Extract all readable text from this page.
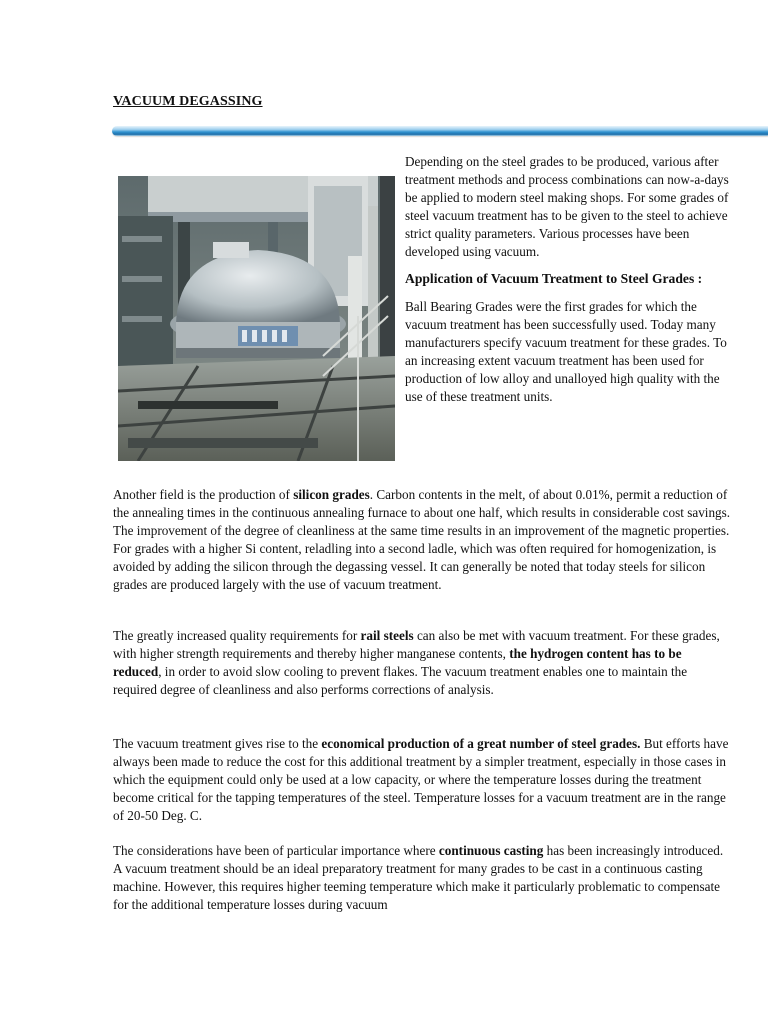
VACUUM DEGASSING

Depending on the steel grades to be produced, various after treatment methods and process combinations can now-a-days be applied to modern steel making shops. For some grades of steel vacuum treatment has to be given to the steel to achieve strict quality parameters. Various processes have been developed using vacuum.

Application of Vacuum Treatment to Steel Grades :

Ball Bearing Grades were the first grades for which the vacuum treatment has been successfully used. Today many manufacturers specify vacuum treatment for these grades. To an increasing extent vacuum treatment has been used for production of low alloy and unalloyed high quality with the use of these treatment units.

Another field is the production of silicon grades. Carbon contents in the melt, of about 0.01%, permit a reduction of the annealing times in the continuous annealing furnace to about one half, which results in considerable cost savings. The improvement of the degree of cleanliness at the same time results in an improvement of the magnetic properties. For grades with a higher Si content, reladling into a second ladle, which was often required for homogenization, is avoided by adding the silicon through the degassing vessel. It can generally be noted that today steels for silicon grades are produced largely with the use of vacuum treatment.

The greatly increased quality requirements for rail steels can also be met with vacuum treatment. For these grades, with higher strength requirements and thereby higher manganese contents, the hydrogen content has to be reduced, in order to avoid slow cooling to prevent flakes. The vacuum treatment enables one to maintain the required degree of cleanliness and also performs corrections of analysis.

The vacuum treatment gives rise to the economical production of a great number of steel grades. But efforts have always been made to reduce the cost for this additional treatment by a simpler treatment, especially in those cases in which the equipment could only be used at a low capacity, or where the temperature losses during the treatment become critical for the tapping temperatures of the steel. Temperature losses for a vacuum treatment are in the range of 20-50 Deg. C.

The considerations have been of particular importance where continuous casting has been increasingly introduced. A vacuum treatment should be an ideal preparatory treatment for many grades to be cast in a continuous casting machine. However, this requires higher teeming temperature which make it particularly problematic to compensate for the additional temperature losses during vacuum
